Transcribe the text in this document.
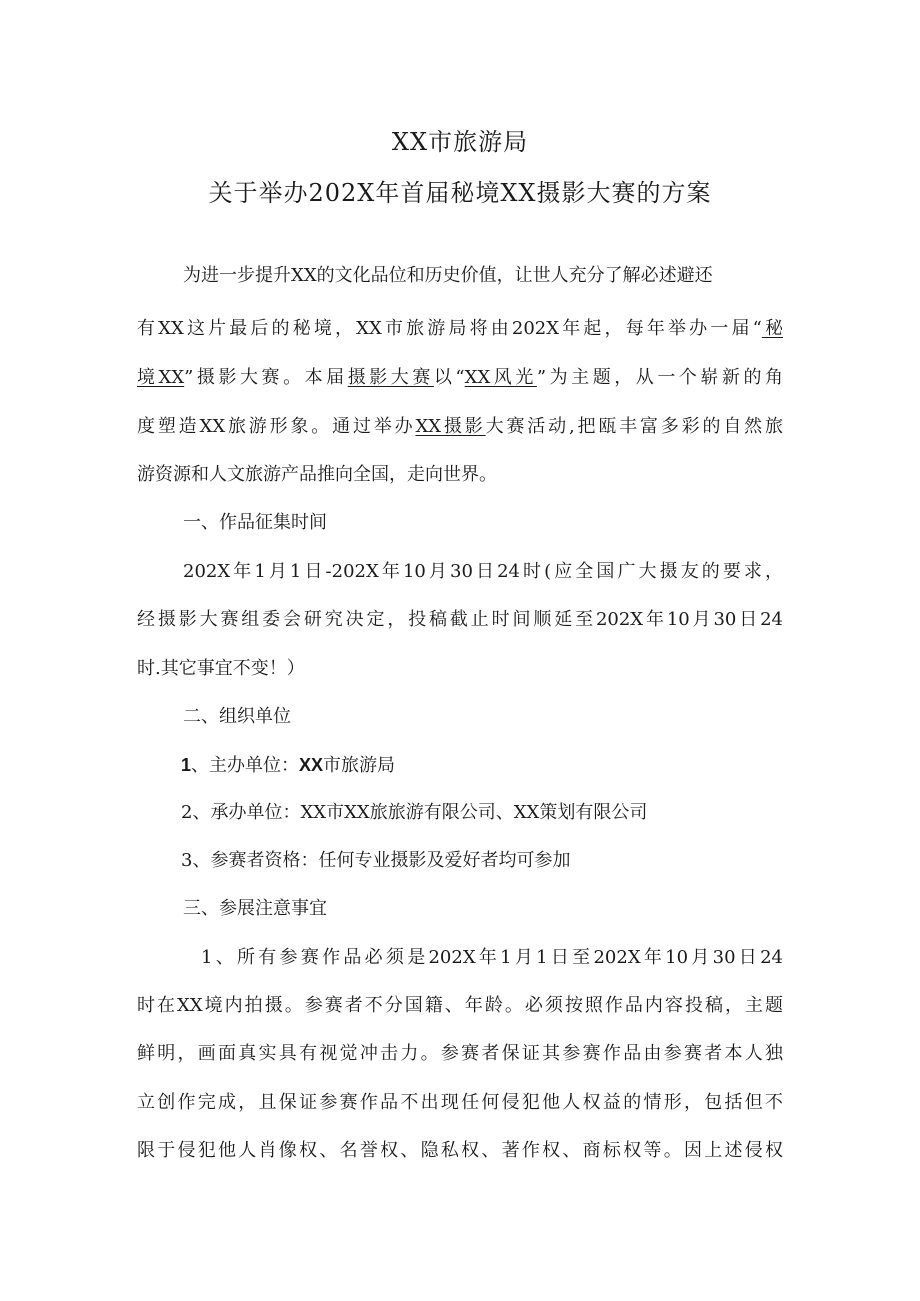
XX市旅游局
关于举办202X年首届秘境XX摄影大赛的方案
为进一步提升XX的文化品位和历史价值，让世人充分了解必述避还
有XX这片最后的秘境，XX市旅游局将由202X年起，每年举办一届“秘
境XX”摄影大赛。本届摄影大赛以“XX风光”为主题，从一个崭新的角
度塑造XX旅游形象。通过举办XX摄影大赛活动,把瓯丰富多彩的自然旅
游资源和人文旅游产品推向全国，走向世界。
一、作品征集时间
202X年1月1日-202X年10月30日24时(应全国广大摄友的要求，
经摄影大赛组委会研究决定，投稿截止时间顺延至202X年10月30日24
时.其它事宜不变！）
二、组织单位
1、主办单位：XX市旅游局
2、承办单位：XX市XX旅旅游有限公司、XX策划有限公司
3、参赛者资格：任何专业摄影及爱好者均可参加
三、参展注意事宜
1、所有参赛作品必须是202X年1月1日至202X年10月30日24
时在XX境内拍摄。参赛者不分国籍、年龄。必须按照作品内容投稿，主题
鲜明，画面真实具有视觉冲击力。参赛者保证其参赛作品由参赛者本人独
立创作完成，且保证参赛作品不出现任何侵犯他人权益的情形，包括但不
限于侵犯他人肖像权、名誉权、隐私权、著作权、商标权等。因上述侵权
